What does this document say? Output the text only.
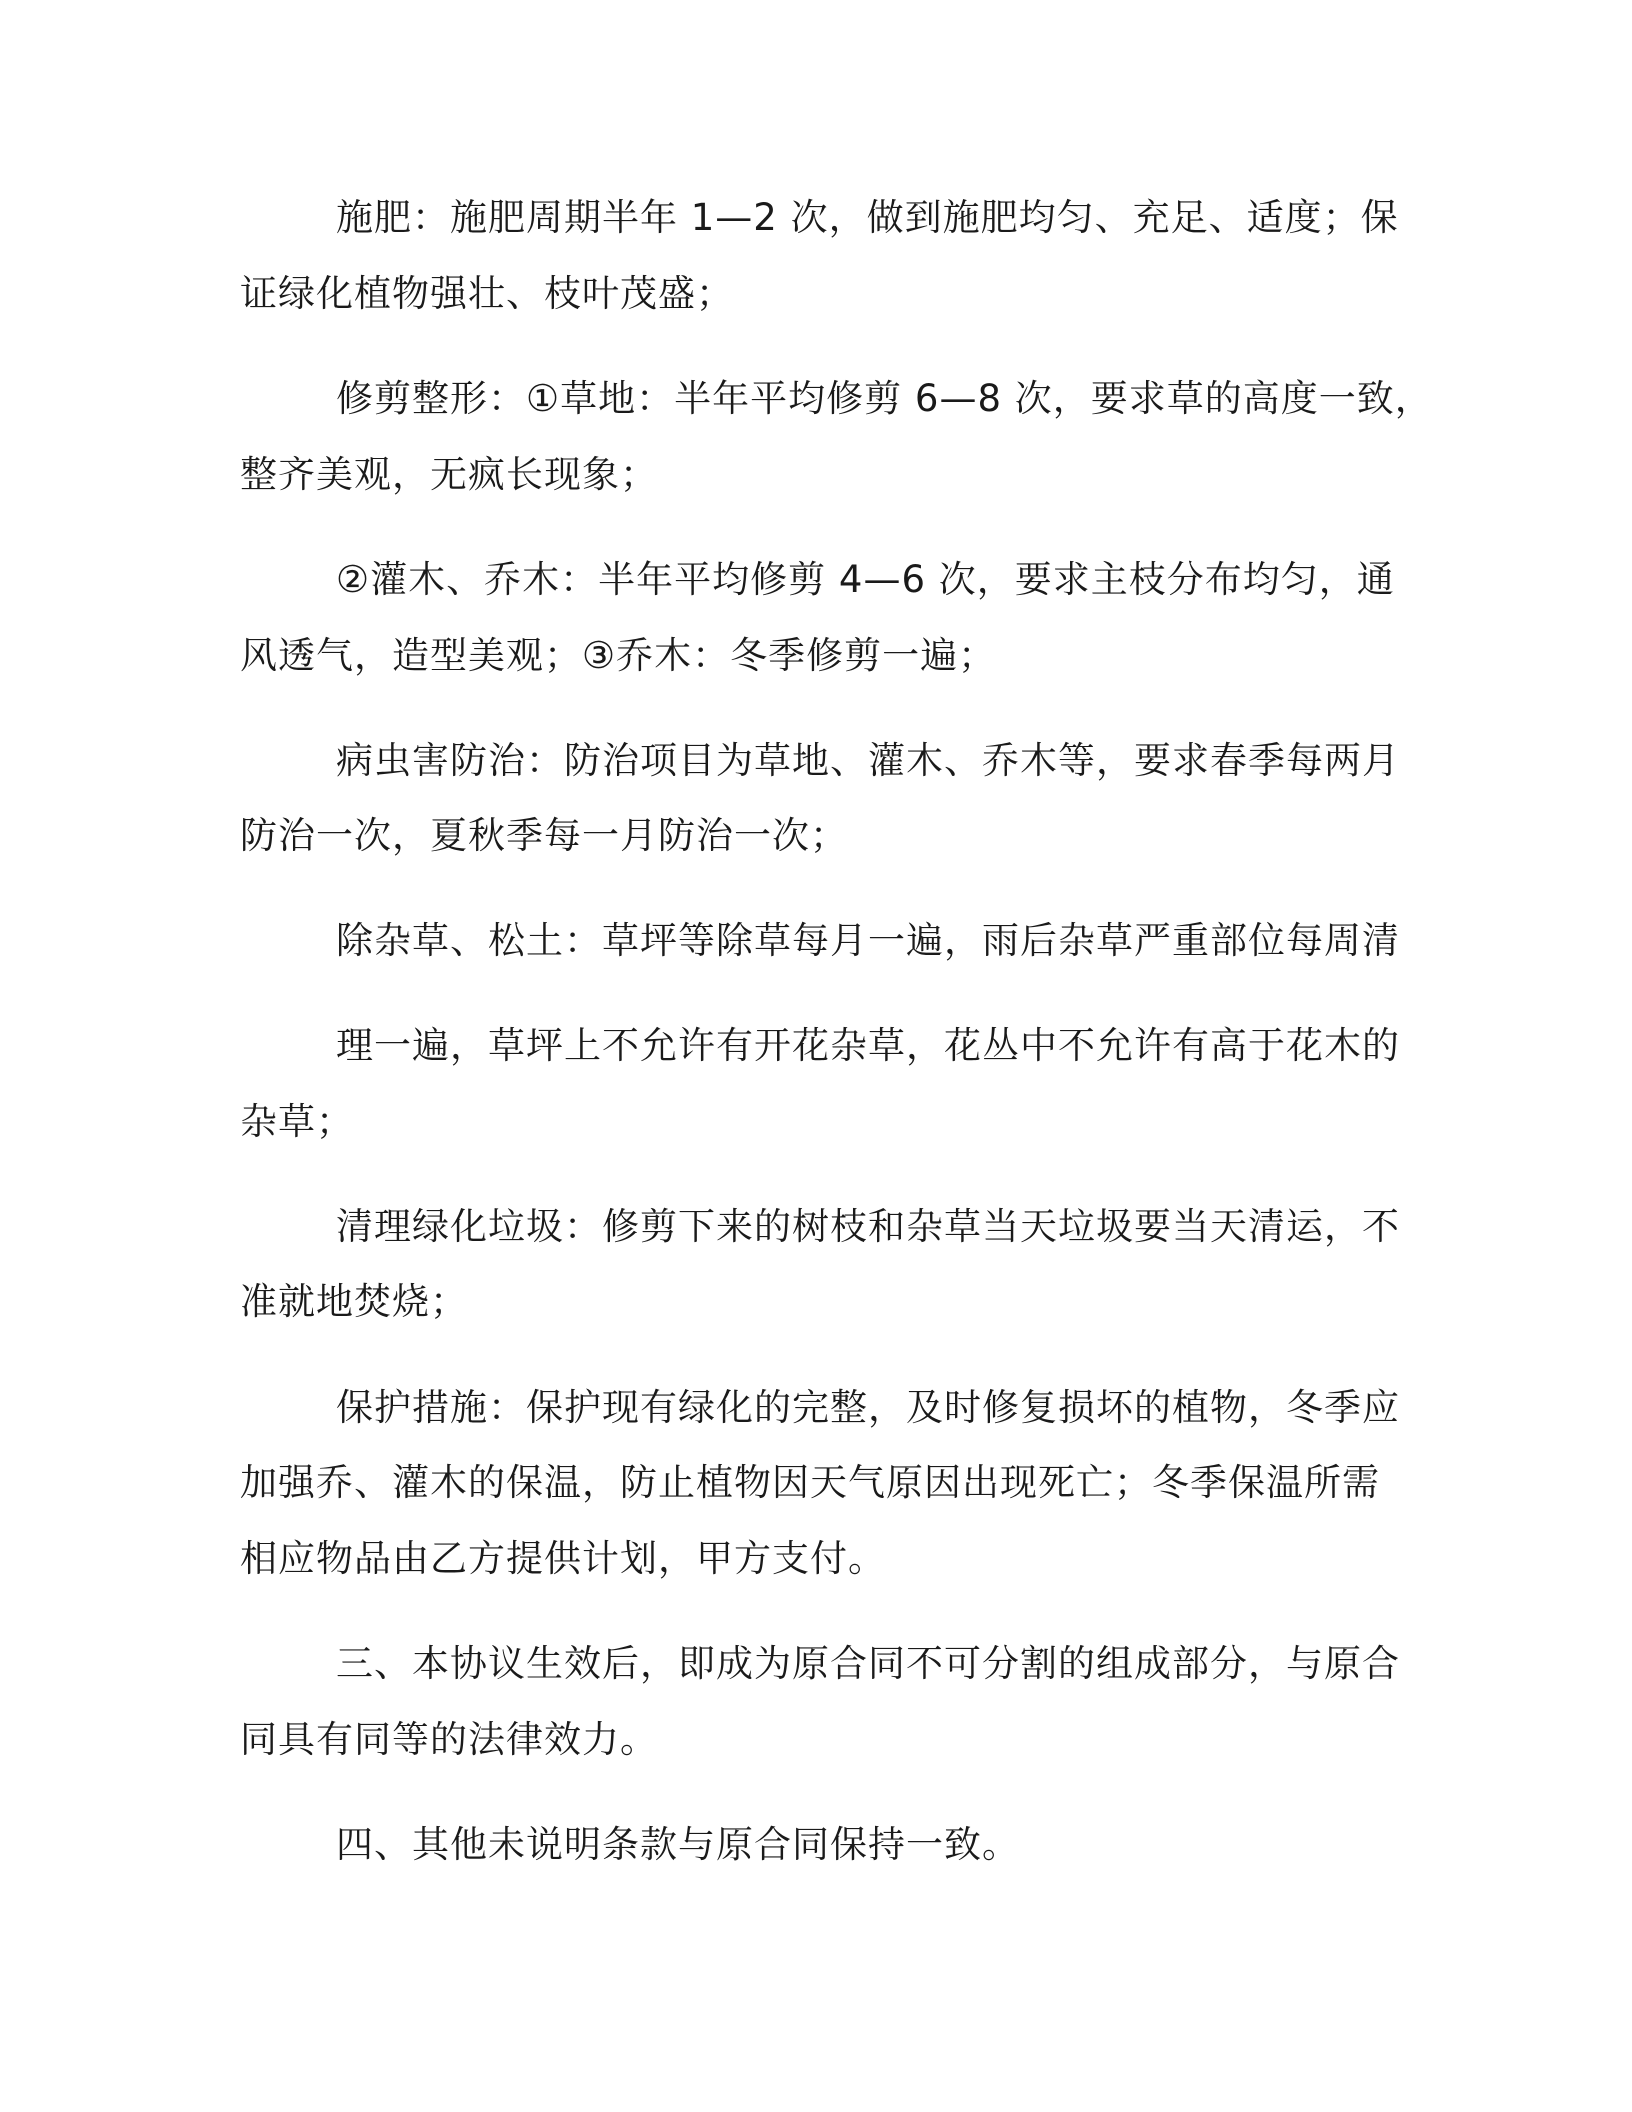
施肥：施肥周期半年 1—2 次，做到施肥均匀、充足、适度；保
证绿化植物强壮、枝叶茂盛；
修剪整形：①草地：半年平均修剪 6—8 次，要求草的高度一致，
整齐美观，无疯长现象；
②灌木、乔木：半年平均修剪 4—6 次，要求主枝分布均匀，通
风透气，造型美观；③乔木：冬季修剪一遍；
病虫害防治：防治项目为草地、灌木、乔木等，要求春季每两月
防治一次，夏秋季每一月防治一次；
除杂草、松土：草坪等除草每月一遍，雨后杂草严重部位每周清
理一遍，草坪上不允许有开花杂草，花丛中不允许有高于花木的
杂草；
清理绿化垃圾：修剪下来的树枝和杂草当天垃圾要当天清运，不
准就地焚烧；
保护措施：保护现有绿化的完整，及时修复损坏的植物，冬季应
加强乔、灌木的保温，防止植物因天气原因出现死亡；冬季保温所需
相应物品由乙方提供计划，甲方支付。
三、本协议生效后，即成为原合同不可分割的组成部分，与原合
同具有同等的法律效力。
四、其他未说明条款与原合同保持一致。
